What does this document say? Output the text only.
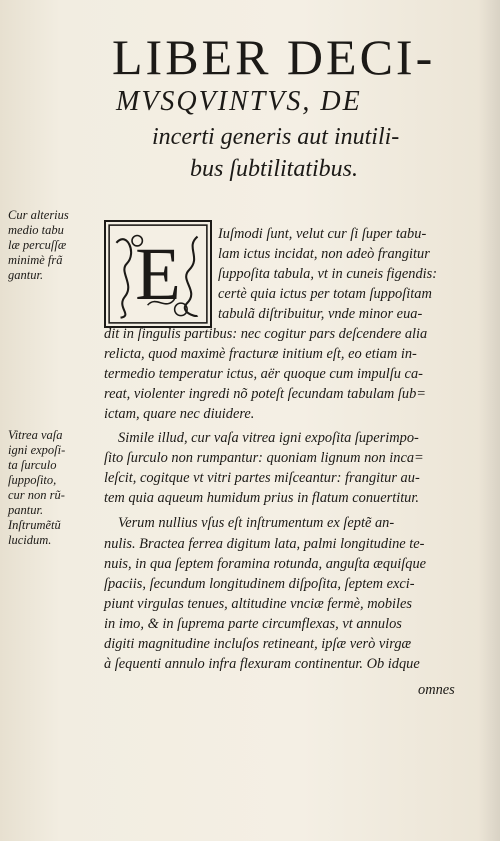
LIBER DECI-
MVSQVINTVS, DE
incerti generis aut inutili-
bus ſubtilitatibus.
Cur alterius
medio tabu
læ percuſſæ
minimè frã
gantur.
Vitrea vaſa
igni expoſi-
ta ſurculo
ſuppoſito,
cur non rũ-
pantur.
Inſtrumẽtũ
lucidum.
E	Iuſmodi ſunt, velut cur ſi ſuper tabu-
lam ictus incidat, non adeò frangitur
ſuppoſita tabula, vt in cuneis figendis:
certè quia ictus per totam ſuppoſitam
tabulã diſtribuitur, vnde minor eua-
dit in ſingulis partibus: nec cogitur pars deſcendere alia
relicta, quod maximè fracturæ initium eſt, eo etiam in-
termedio temperatur ictus, aër quoque cum impulſu ca-
reat, violenter ingredi nõ poteſt ſecundam tabulam ſub=
ictam, quare nec diuidere.
Simile illud, cur vaſa vitrea igni expoſita ſuperimpo-
ſito ſurculo non rumpantur: quoniam lignum non inca=
leſcit, cogitque vt vitri partes miſceantur: frangitur au-
tem quia aqueum humidum prius in flatum conuertitur.
Verum nullius vſus eſt inſtrumentum ex ſeptẽ an-
nulis. Bractea ferrea digitum lata, palmi longitudine te-
nuis, in qua ſeptem foramina rotunda, anguſta æquiſque
ſpaciis, ſecundum longitudinem diſpoſita, ſeptem exci-
piunt virgulas tenues, altitudine vnciæ fermè, mobiles
in imo, & in ſuprema parte circumflexas, vt annulos
digiti magnitudine incluſos retineant, ipſæ verò virgæ
à ſequenti annulo infra flexuram continentur. Ob idque
omnes
